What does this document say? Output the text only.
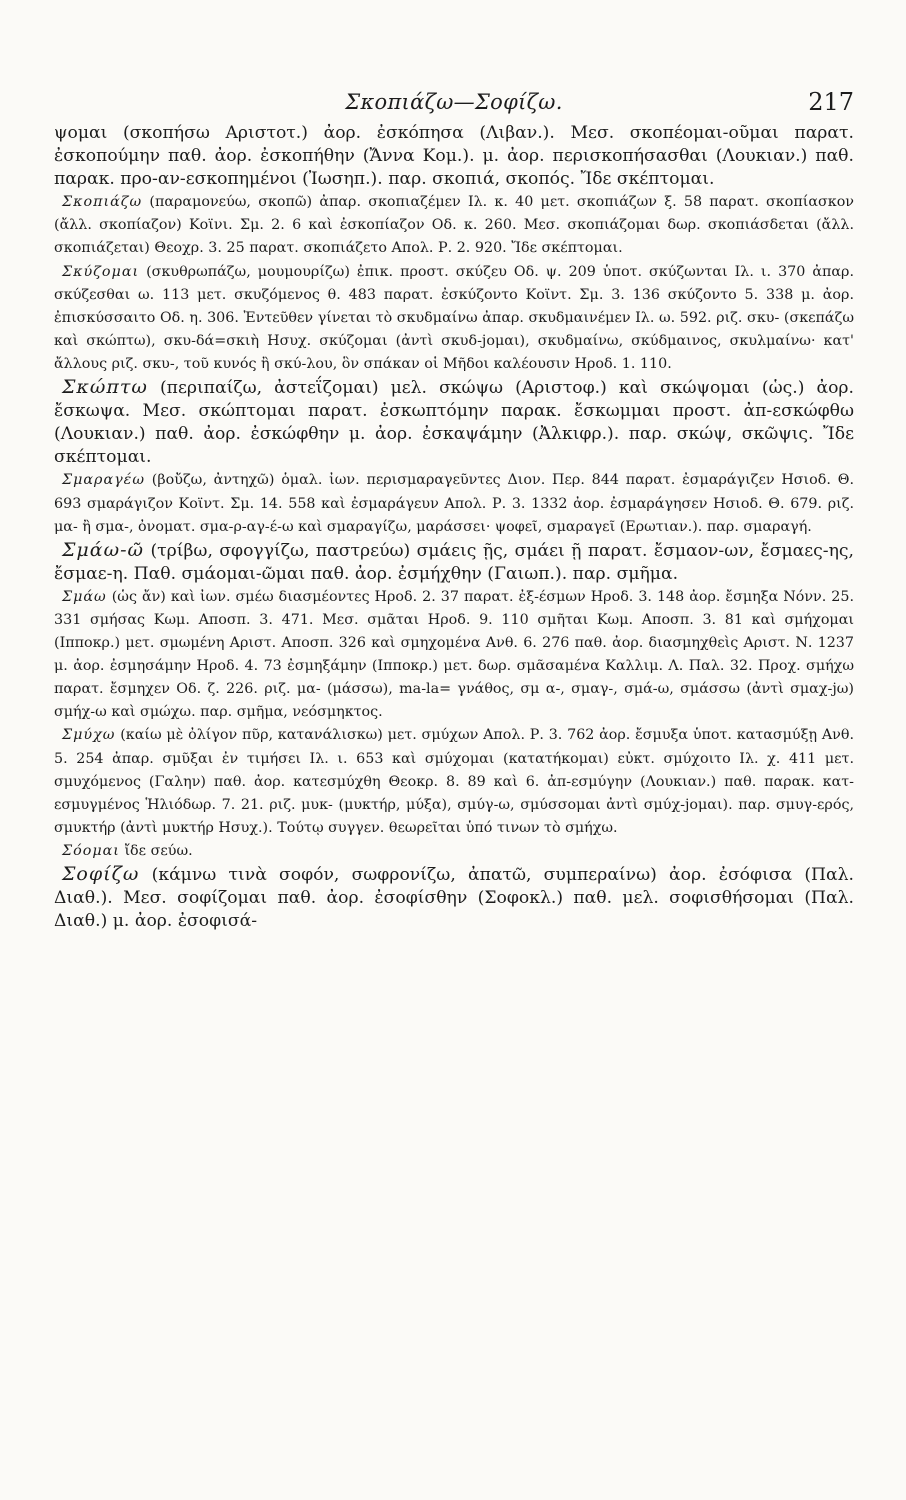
Σκοπιάζω—Σοφίζω.	217

ψομαι (σκοπήσω Αριστοτ.) ἀορ. ἐσκόπησα (Λιβαν.). Μεσ. σκοπέομαι-οῦμαι παρατ. ἐσκοπούμην παθ. ἀορ. ἐσκοπήθην (Ἄννα Κομ.). μ. ἀορ. περισκοπήσασθαι (Λουκιαν.) παθ. παρακ. προ-αν-εσκοπημένοι (Ἰωσηπ.). παρ. σκοπιά, σκοπός. Ἴδε σκέπτομαι.

Σκοπιάζω (παραμονεύω, σκοπῶ) ἀπαρ. σκοπιαζέμεν Ιλ. κ. 40 μετ. σκοπιάζων ξ. 58 παρατ. σκοπίασκον (ἄλλ. σκοπίαζον) Κοϊνι. Σμ. 2. 6 καὶ ἐσκοπίαζον Οδ. κ. 260. Μεσ. σκοπιάζομαι δωρ. σκοπιάσδεται (ἄλλ. σκοπιάζεται) Θεοχρ. 3. 25 παρατ. σκοπιάζετο Απολ. Ρ. 2. 920. Ἴδε σκέπτομαι.

Σκύζομαι (σκυθρωπάζω, μουμουρίζω) ἐπικ. προστ. σκύζευ Οδ. ψ. 209 ὑποτ. σκύζωνται Ιλ. ι. 370 ἀπαρ. σκύζεσθαι ω. 113 μετ. σκυζόμενος θ. 483 παρατ. ἐσκύζοντο Κοϊντ. Σμ. 3. 136 σκύζοντο 5. 338 μ. ἀορ. ἐπισκύσσαιτο Οδ. η. 306. Ἐντεῦθεν γίνεται τὸ σκυδμαίνω ἀπαρ. σκυδμαινέμεν Ιλ. ω. 592. ριζ. σκυ- (σκεπάζω καὶ σκώπτω), σκυ-δά=σκιὴ Ησυχ. σκύζομαι (ἀντὶ σκυδ-jομαι), σκυδμαίνω, σκύδμαινος, σκυλμαίνω· κατ' ἄλλους ριζ. σκυ-, τοῦ κυνός ἢ σκύ-λου, ὃν σπάκαν οἱ Μῆδοι καλέουσιν Ηροδ. 1. 110.

Σκώπτω (περιπαίζω, ἀστεΐζομαι) μελ. σκώψω (Αριστοφ.) καὶ σκώψομαι (ὡς.) ἀορ. ἔσκωψα. Μεσ. σκώπτομαι παρατ. ἐσκωπτόμην παρακ. ἔσκωμμαι προστ. ἀπ-εσκώφθω (Λουκιαν.) παθ. ἀορ. ἐσκώφθην μ. ἀορ. ἐσκαψάμην (Ἀλκιφρ.). παρ. σκώψ, σκῶψις. Ἴδε σκέπτομαι.

Σμαραγέω (βοὔζω, ἀντηχῶ) ὁμαλ. ἰων. περισμαραγεῦντες Διον. Περ. 844 παρατ. ἐσμαράγιζεν Ησιοδ. Θ. 693 σμαράγιζον Κοϊντ. Σμ. 14. 558 καὶ ἐσμαράγευν Απολ. Ρ. 3. 1332 ἀορ. ἐσμαράγησεν Ησιοδ. Θ. 679. ριζ. μα- ἢ σμα-, ὀνοματ. σμα-ρ-αγ-έ-ω καὶ σμαραγίζω, μαράσσει· ψοφεῖ, σμαραγεῖ (Ερωτιαν.). παρ. σμαραγή.

Σμάω-ῶ (τρίβω, σφογγίζω, παστρεύω) σμάεις ῇς, σμάει ῇ παρατ. ἔσμαον-ων, ἔσμαες-ης, ἔσμαε-η. Παθ. σμάομαι-ῶμαι παθ. ἀορ. ἐσμήχθην (Γαιωπ.). παρ. σμῆμα.

Σμάω (ὡς ἄν) καὶ ἰων. σμέω διασμέοντες Ηροδ. 2. 37 παρατ. ἐξ-έσμων Ηροδ. 3. 148 ἀορ. ἔσμηξα Νόνν. 25. 331 σμήσας Κωμ. Αποσπ. 3. 471. Μεσ. σμᾶται Ηροδ. 9. 110 σμῆται Κωμ. Αποσπ. 3. 81 καὶ σμήχομαι (Ιπποκρ.) μετ. σμωμένη Αριστ. Αποσπ. 326 καὶ σμηχομένα Ανθ. 6. 276 παθ. ἀορ. διασμηχθεὶς Αριστ. Ν. 1237 μ. ἀορ. ἐσμησάμην Ηροδ. 4. 73 ἐσμηξάμην (Ιπποκρ.) μετ. δωρ. σμᾶσαμένα Καλλιμ. Λ. Παλ. 32. Προχ. σμήχω παρατ. ἔσμηχεν Οδ. ζ. 226. ριζ. μα- (μάσσω), ma-la= γνάθος, σμ α-, σμαγ-, σμά-ω, σμάσσω (ἀντὶ σμαχ-jω) σμήχ-ω καὶ σμώχω. παρ. σμῆμα, νεόσμηκτος.

Σμύχω (καίω μὲ ὀλίγον πῦρ, κατανάλισκω) μετ. σμύχων Απολ. Ρ. 3. 762 ἀορ. ἔσμυξα ὑποτ. κατασμύξῃ Ανθ. 5. 254 ἀπαρ. σμῦξαι ἐν τιμήσει Ιλ. ι. 653 καὶ σμύχομαι (κατατήκομαι) εὐκτ. σμύχοιτο Ιλ. χ. 411 μετ. σμυχόμενος (Γαλην) παθ. ἀορ. κατεσμύχθη Θεοκρ. 8. 89 καὶ 6. ἀπ-εσμύγην (Λουκιαν.) παθ. παρακ. κατ-εσμυγμένος Ἡλιόδωρ. 7. 21. ριζ. μυκ- (μυκτήρ, μύξα), σμύγ-ω, σμύσσομαι ἀντὶ σμύχ-jομαι). παρ. σμυγ-ερός, σμυκτήρ (ἀντὶ μυκτήρ Ησυχ.). Τούτῳ συγγεν. θεωρεῖται ὑπό τινων τὸ σμήχω.

Σόομαι ἴδε σεύω.

Σοφίζω (κάμνω τινὰ σοφόν, σωφρονίζω, ἀπατῶ, συμπεραίνω) ἀορ. ἐσόφισα (Παλ. Διαθ.). Μεσ. σοφίζομαι παθ. ἀορ. ἐσοφίσθην (Σοφοκλ.) παθ. μελ. σοφισθήσομαι (Παλ. Διαθ.) μ. ἀορ. ἐσοφισά-
